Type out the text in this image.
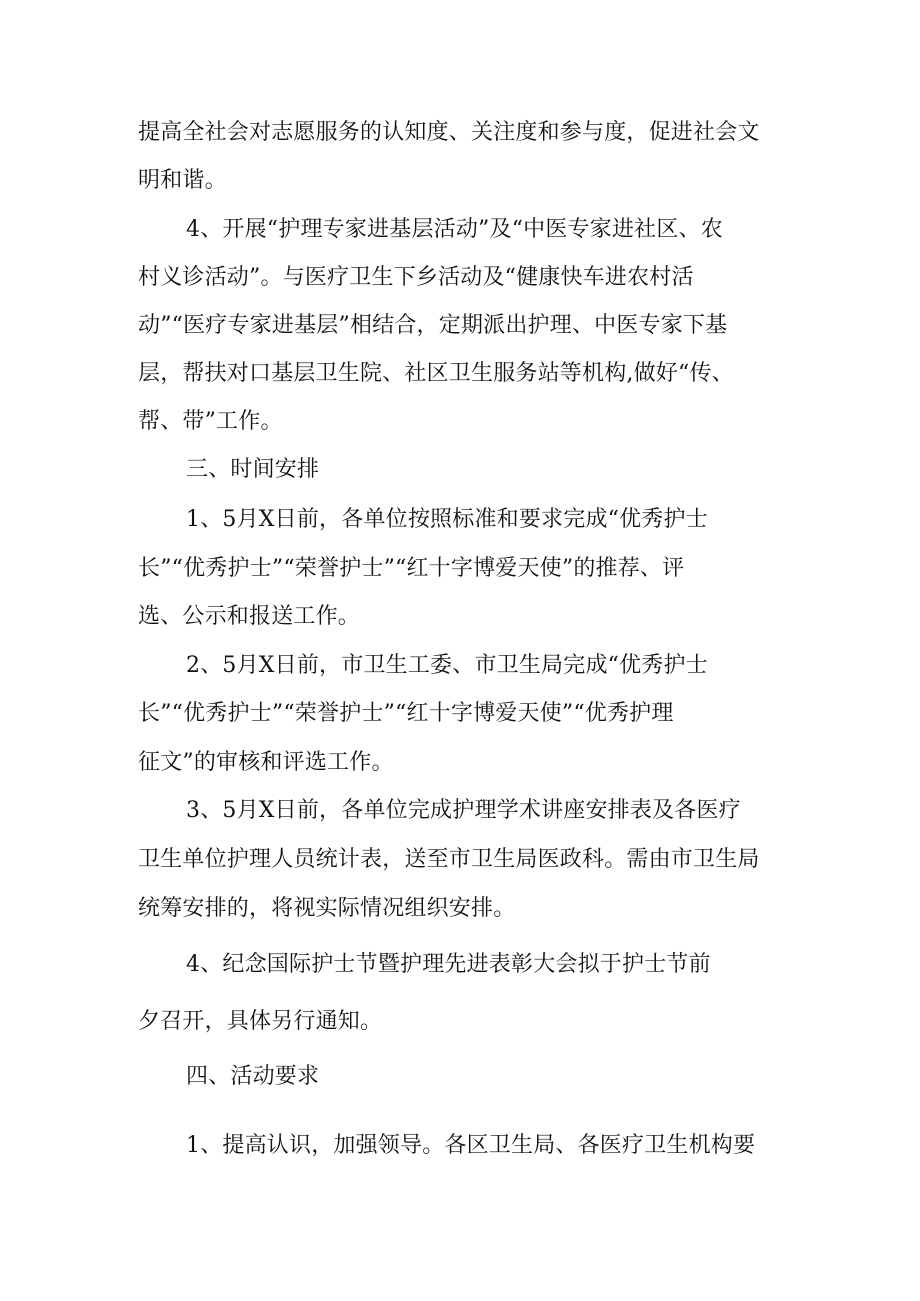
提高全社会对志愿服务的认知度、关注度和参与度，促进社会文
明和谐。
4、开展“护理专家进基层活动”及“中医专家进社区、农
村义诊活动”。与医疗卫生下乡活动及“健康快车进农村活
动”“医疗专家进基层”相结合，定期派出护理、中医专家下基
层，帮扶对口基层卫生院、社区卫生服务站等机构,做好“传、
帮、带”工作。
三、时间安排
1、5月X日前，各单位按照标准和要求完成“优秀护士
长”“优秀护士”“荣誉护士”“红十字博爱天使”的推荐、评
选、公示和报送工作。
2、5月X日前，市卫生工委、市卫生局完成“优秀护士
长”“优秀护士”“荣誉护士”“红十字博爱天使”“优秀护理
征文”的审核和评选工作。
3、5月X日前，各单位完成护理学术讲座安排表及各医疗
卫生单位护理人员统计表，送至市卫生局医政科。需由市卫生局
统筹安排的，将视实际情况组织安排。
4、纪念国际护士节暨护理先进表彰大会拟于护士节前
夕召开，具体另行通知。
四、活动要求
1、提高认识，加强领导。各区卫生局、各医疗卫生机构要
